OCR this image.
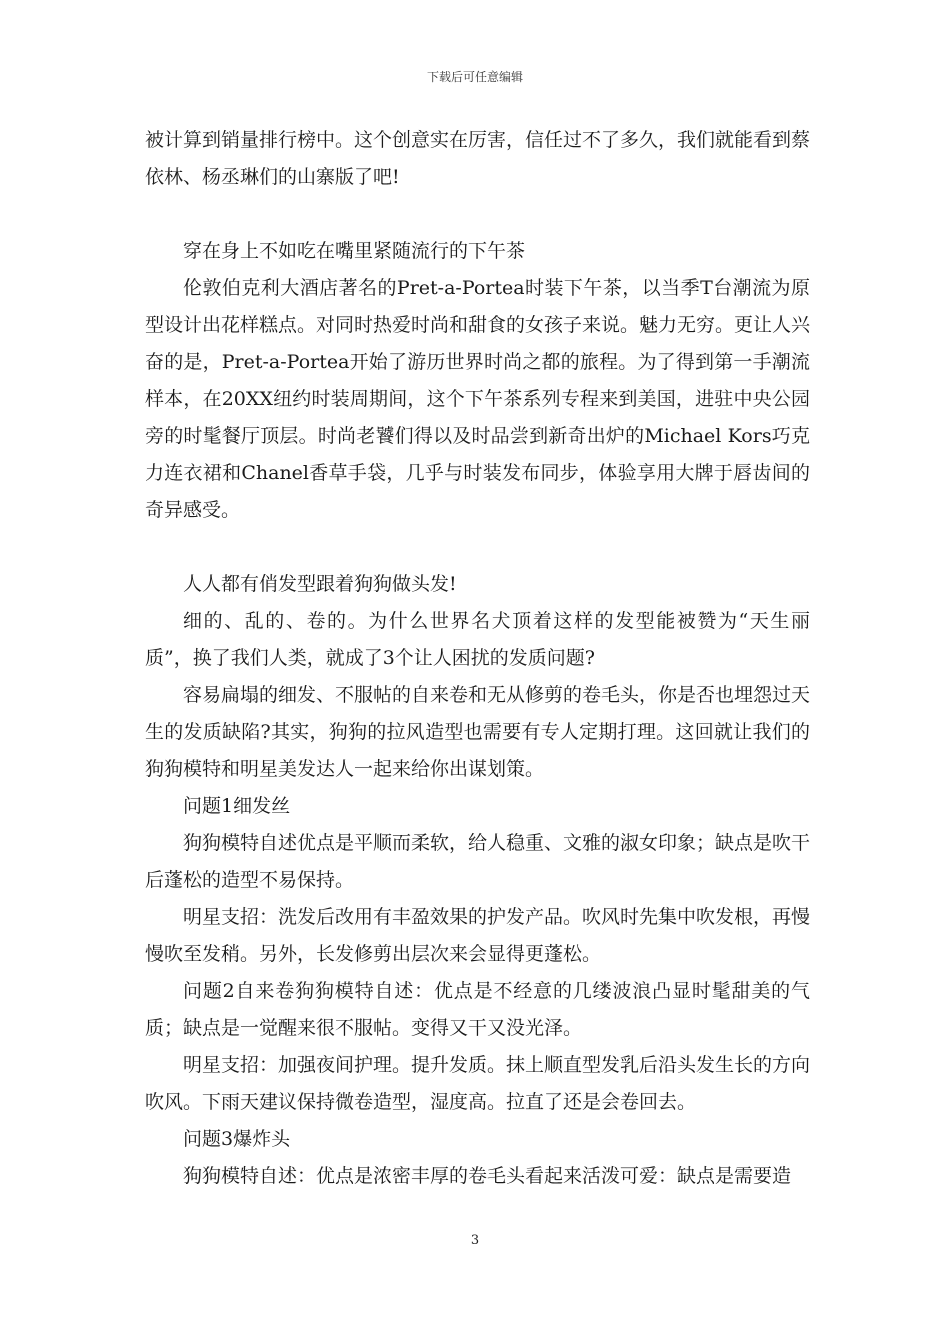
下载后可任意编辑

被计算到销量排行榜中。这个创意实在厉害，信任过不了多久，我们就能看到蔡依林、杨丞琳们的山寨版了吧!

穿在身上不如吃在嘴里紧随流行的下午茶

伦敦伯克利大酒店著名的Pret-a-Portea时装下午茶，以当季T台潮流为原型设计出花样糕点。对同时热爱时尚和甜食的女孩子来说。魅力无穷。更让人兴奋的是，Pret-a-Portea开始了游历世界时尚之都的旅程。为了得到第一手潮流样本，在20XX纽约时装周期间，这个下午茶系列专程来到美国，进驻中央公园旁的时髦餐厅顶层。时尚老饕们得以及时品尝到新奇出炉的Michael Kors巧克力连衣裙和Chanel香草手袋，几乎与时装发布同步，体验享用大牌于唇齿间的奇异感受。

人人都有俏发型跟着狗狗做头发!

细的、乱的、卷的。为什么世界名犬顶着这样的发型能被赞为“天生丽质”，换了我们人类，就成了3个让人困扰的发质问题?

容易扁塌的细发、不服帖的自来卷和无从修剪的卷毛头，你是否也埋怨过天生的发质缺陷?其实，狗狗的拉风造型也需要有专人定期打理。这回就让我们的狗狗模特和明星美发达人一起来给你出谋划策。

问题1细发丝

狗狗模特自述优点是平顺而柔软，给人稳重、文雅的淑女印象；缺点是吹干后蓬松的造型不易保持。

明星支招：洗发后改用有丰盈效果的护发产品。吹风时先集中吹发根，再慢慢吹至发稍。另外，长发修剪出层次来会显得更蓬松。

问题2自来卷狗狗模特自述：优点是不经意的几缕波浪凸显时髦甜美的气质；缺点是一觉醒来很不服帖。变得又干又没光泽。

明星支招：加强夜间护理。提升发质。抹上顺直型发乳后沿头发生长的方向吹风。下雨天建议保持微卷造型，湿度高。拉直了还是会卷回去。

问题3爆炸头

狗狗模特自述：优点是浓密丰厚的卷毛头看起来活泼可爱：缺点是需要造

3
